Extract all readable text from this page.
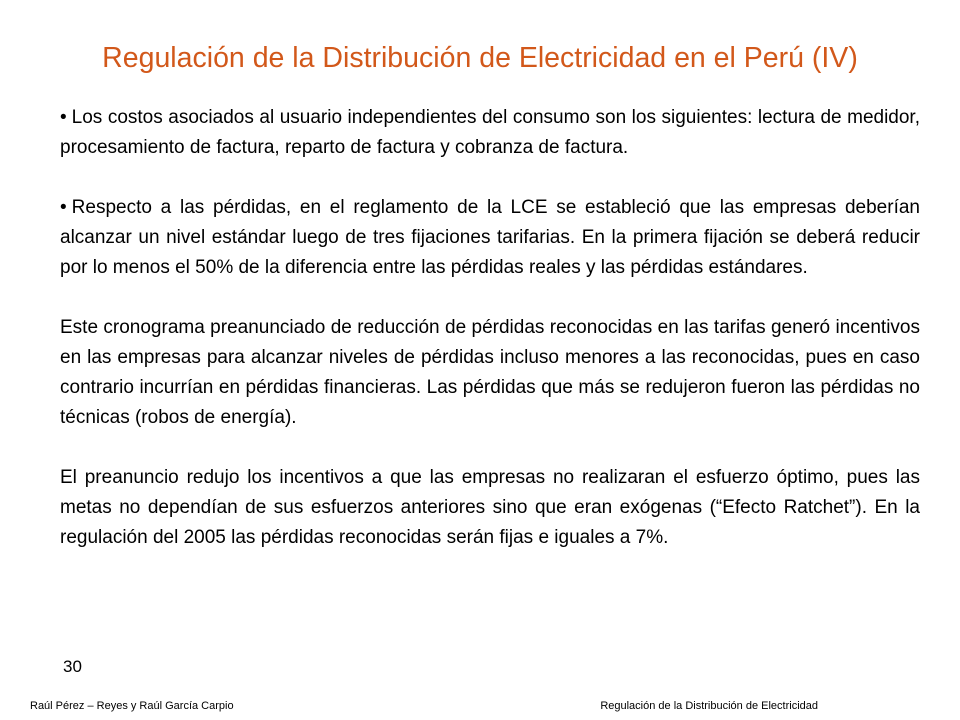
Regulación de la Distribución de Electricidad en el Perú (IV)

• Los costos asociados al usuario independientes del consumo son los siguientes: lectura de medidor, procesamiento de factura, reparto de factura y cobranza de factura.

• Respecto a las pérdidas, en el reglamento de la LCE se estableció que las empresas deberían alcanzar un nivel estándar luego de tres fijaciones tarifarias. En la primera fijación se deberá reducir por lo menos el 50% de la diferencia entre las pérdidas reales y las pérdidas estándares.

Este cronograma preanunciado de reducción de pérdidas reconocidas en las tarifas generó incentivos en las empresas para alcanzar niveles de pérdidas incluso menores a las reconocidas, pues en caso contrario incurrían en pérdidas financieras. Las pérdidas que más se redujeron fueron las pérdidas no técnicas (robos de energía).

El preanuncio redujo los incentivos a que las empresas no realizaran el esfuerzo óptimo, pues las metas no dependían de sus esfuerzos anteriores sino que eran exógenas (“Efecto Ratchet”). En la regulación del 2005 las pérdidas reconocidas serán fijas e iguales a 7%.

30
Raúl Pérez – Reyes y Raúl García Carpio	Regulación de la Distribución de Electricidad
